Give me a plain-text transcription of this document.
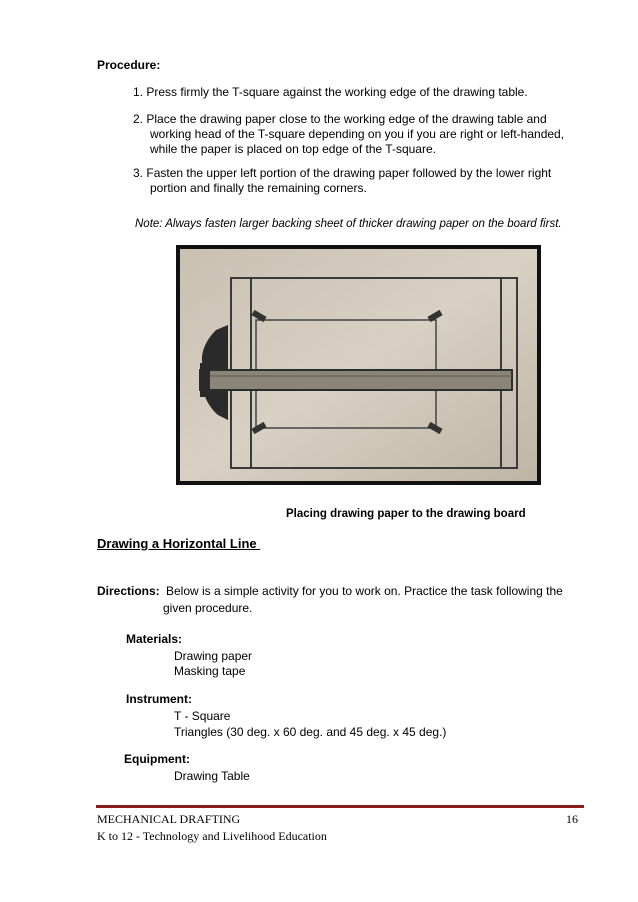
Procedure:
1. Press firmly the T-square against the working edge of the drawing table.
2. Place the drawing paper close to the working edge of the drawing table and
working head of the T-square depending on you if you are right or left-handed,
while the paper is placed on top edge of the T-square.
3. Fasten the upper left portion of the drawing paper followed by the lower right
portion and finally the remaining corners.
Note: Always fasten larger backing sheet of thicker drawing paper on the board first.
Placing drawing paper to the drawing board
Drawing a Horizontal Line
Directions: Below is a simple activity for you to work on. Practice the task following the
given procedure.
Materials:
Drawing paper
Masking tape
Instrument:
T - Square
Triangles (30 deg. x 60 deg. and 45 deg. x 45 deg.)
Equipment:
Drawing Table
MECHANICAL DRAFTING
K to 12 - Technology and Livelihood Education
16
